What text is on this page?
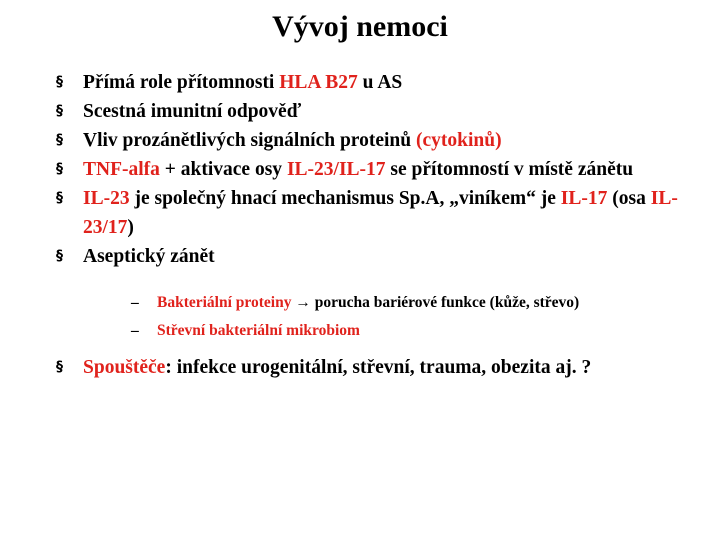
Vývoj nemoci
§ Přímá role přítomnosti HLA B27 u AS
§ Scestná imunitní odpověď
§ Vliv prozánětlivých signálních proteinů (cytokinů)
§ TNF-alfa + aktivace osy IL-23/IL-17 se přítomností v místě zánětu
§ IL-23 je společný hnací mechanismus Sp.A, „viníkem“ je IL-17 (osa IL-23/17)
§ Aseptický zánět
– Bakteriální proteiny → porucha bariérové funkce (kůže, střevo)
– Střevní bakteriální mikrobiom
§ Spouštěče: infekce urogenitální, střevní, trauma, obezita aj. ?
